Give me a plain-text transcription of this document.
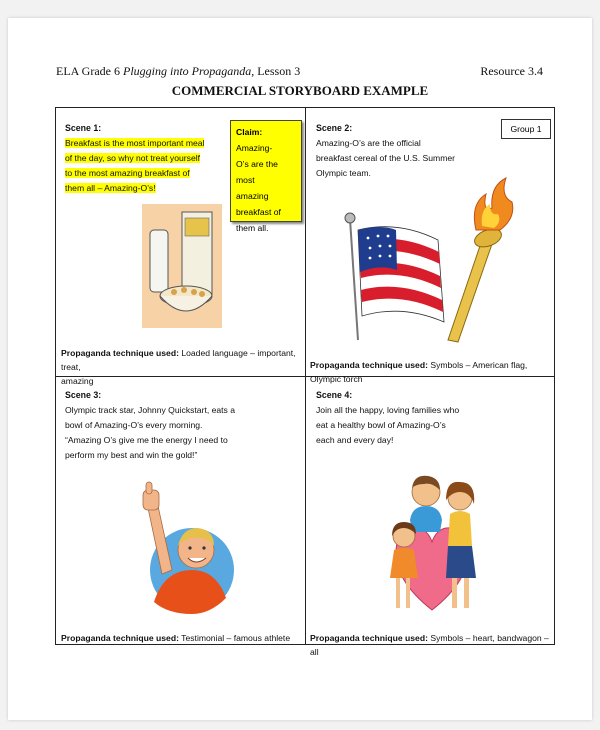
ELA Grade 6 Plugging into Propaganda, Lesson 3	Resource 3.4
COMMERCIAL STORYBOARD EXAMPLE
Scene 1:
Breakfast is the most important meal
of the day, so why not treat yourself
to the most amazing breakfast of
them all – Amazing-O’s!
Claim: Amazing-
O’s are the most
amazing
breakfast of
them all.
Propaganda technique used: Loaded language – important, treat,
amazing
Group 1
Scene 2:
Amazing-O’s are the official
breakfast cereal of the U.S. Summer
Olympic team.
Propaganda technique used: Symbols – American flag, Olympic torch
Scene 3:
Olympic track star, Johnny Quickstart, eats a
bowl of Amazing-O’s every morning.
“Amazing O’s give me the energy I need to
perform my best and win the gold!”
Propaganda technique used: Testimonial – famous athlete
Scene 4:
Join all the happy, loving families who
eat a healthy bowl of Amazing-O’s
each and every day!
Propaganda technique used: Symbols – heart, bandwagon – all
